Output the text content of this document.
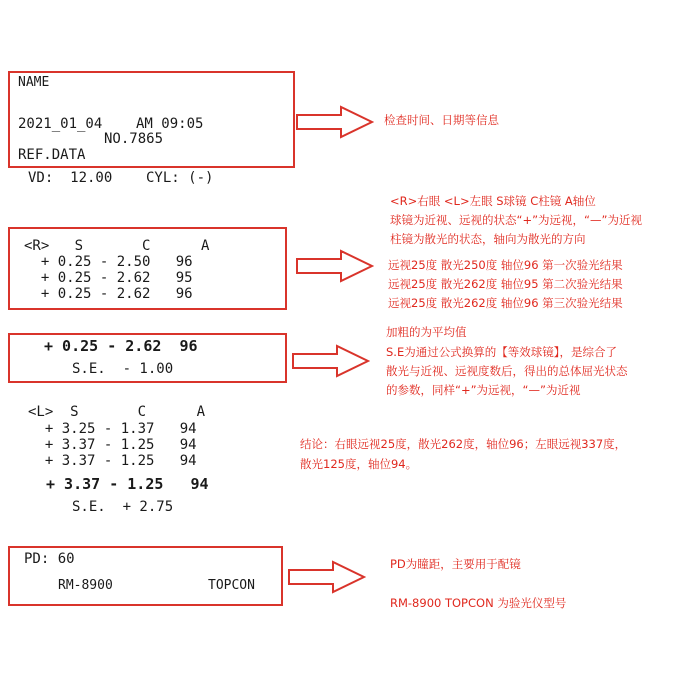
NAME
2021_01_04    AM 09:05
NO.7865
REF.DATA
VD:  12.00    CYL: (-)
<R>   S       C      A
+ 0.25 - 2.50   96
+ 0.25 - 2.62   95
+ 0.25 - 2.62   96
+ 0.25 - 2.62  96
S.E.  - 1.00
<L>  S       C      A
+ 3.25 - 1.37   94
+ 3.37 - 1.25   94
+ 3.37 - 1.25   94
+ 3.37 - 1.25   94
S.E.  + 2.75
PD: 60
RM-8900	TOPCON
检查时间、日期等信息
<R>右眼 <L>左眼 S球镜 C柱镜 A轴位
球镜为近视、远视的状态“+”为远视，“—”为近视
柱镜为散光的状态，轴向为散光的方向
远视25度 散光250度 轴位96 第一次验光结果
远视25度 散光262度 轴位95 第二次验光结果
远视25度 散光262度 轴位96 第三次验光结果
加粗的为平均值
S.E为通过公式换算的【等效球镜】，是综合了
散光与近视、远视度数后，得出的总体屈光状态
的参数，同样“+”为远视，“—”为近视
结论：右眼远视25度，散光262度，轴位96；左眼远视337度，
散光125度，轴位94。
PD为瞳距，主要用于配镜
RM-8900 TOPCON 为验光仪型号
